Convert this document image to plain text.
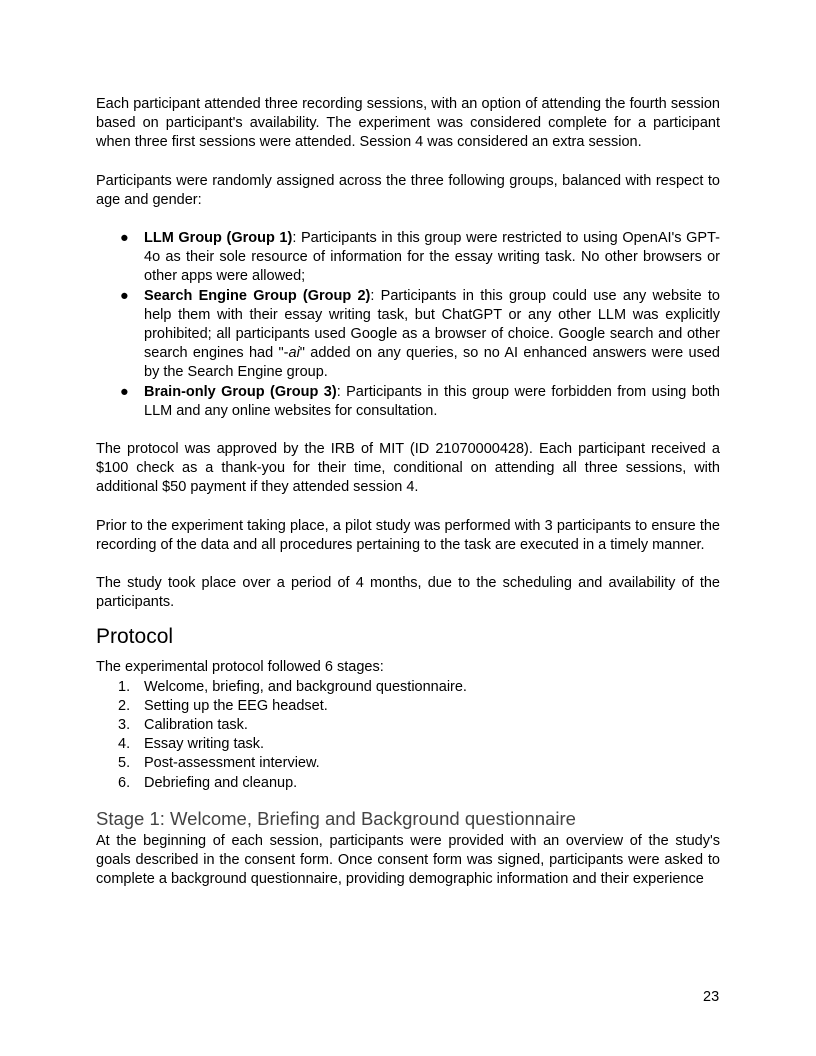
Each participant attended three recording sessions, with an option of attending the fourth session based on participant's availability. The experiment was considered complete for a participant when three first sessions were attended. Session 4 was considered an extra session.

Participants were randomly assigned across the three following groups, balanced with respect to age and gender:

● LLM Group (Group 1): Participants in this group were restricted to using OpenAI's GPT-4o as their sole resource of information for the essay writing task. No other browsers or other apps were allowed;
● Search Engine Group (Group 2): Participants in this group could use any website to help them with their essay writing task, but ChatGPT or any other LLM was explicitly prohibited; all participants used Google as a browser of choice. Google search and other search engines had "-ai" added on any queries, so no AI enhanced answers were used by the Search Engine group.
● Brain-only Group (Group 3): Participants in this group were forbidden from using both LLM and any online websites for consultation.

The protocol was approved by the IRB of MIT (ID 21070000428). Each participant received a $100 check as a thank-you for their time, conditional on attending all three sessions, with additional $50 payment if they attended session 4.

Prior to the experiment taking place, a pilot study was performed with 3 participants to ensure the recording of the data and all procedures pertaining to the task are executed in a timely manner.

The study took place over a period of 4 months, due to the scheduling and availability of the participants.

Protocol

The experimental protocol followed 6 stages:

1. Welcome, briefing, and background questionnaire.
2. Setting up the EEG headset.
3. Calibration task.
4. Essay writing task.
5. Post-assessment interview.
6. Debriefing and cleanup.
Stage 1: Welcome, Briefing and Background questionnaire

At the beginning of each session, participants were provided with an overview of the study's goals described in the consent form. Once consent form was signed, participants were asked to complete a background questionnaire, providing demographic information and their experience

23
